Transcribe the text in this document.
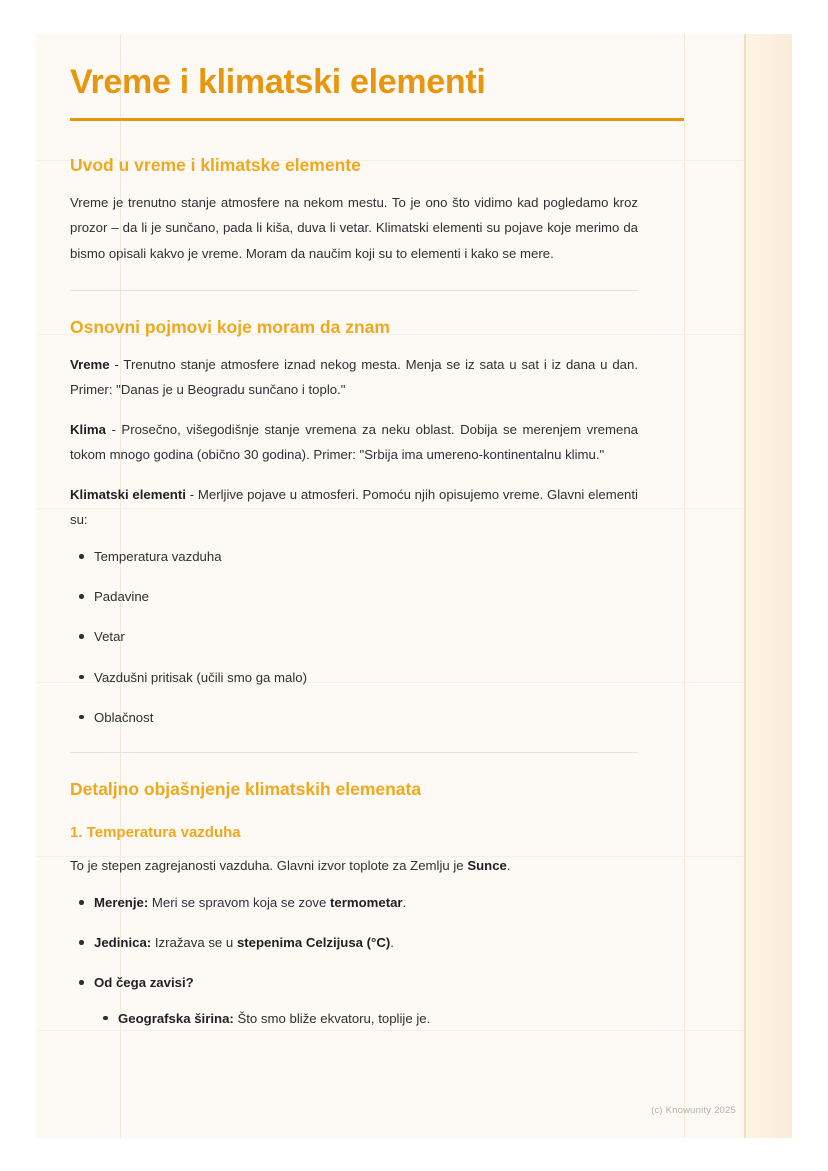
Vreme i klimatski elementi
Uvod u vreme i klimatske elemente

Vreme je trenutno stanje atmosfere na nekom mestu. To je ono što vidimo kad pogledamo kroz prozor – da li je sunčano, pada li kiša, duva li vetar. Klimatski elementi su pojave koje merimo da bismo opisali kakvo je vreme. Moram da naučim koji su to elementi i kako se mere.

Osnovni pojmovi koje moram da znam

Vreme - Trenutno stanje atmosfere iznad nekog mesta. Menja se iz sata u sat i iz dana u dan. Primer: "Danas je u Beogradu sunčano i toplo."

Klima - Prosečno, višegodišnje stanje vremena za neku oblast. Dobija se merenjem vremena tokom mnogo godina (obično 30 godina). Primer: "Srbija ima umereno-kontinentalnu klimu."

Klimatski elementi - Merljive pojave u atmosferi. Pomoću njih opisujemo vreme. Glavni elementi su:

Temperatura vazduha
Padavine
Vetar
Vazdušni pritisak (učili smo ga malo)
Oblačnost
Detaljno objašnjenje klimatskih elemenata
1. Temperatura vazduha

To je stepen zagrejanosti vazduha. Glavni izvor toplote za Zemlju je Sunce.

Merenje: Meri se spravom koja se zove termometar.
Jedinica: Izražava se u stepenima Celzijusa (°C).
Od čega zavisi?
Geografska širina: Što smo bliže ekvatoru, toplije je.
(c) Knowunity 2025
